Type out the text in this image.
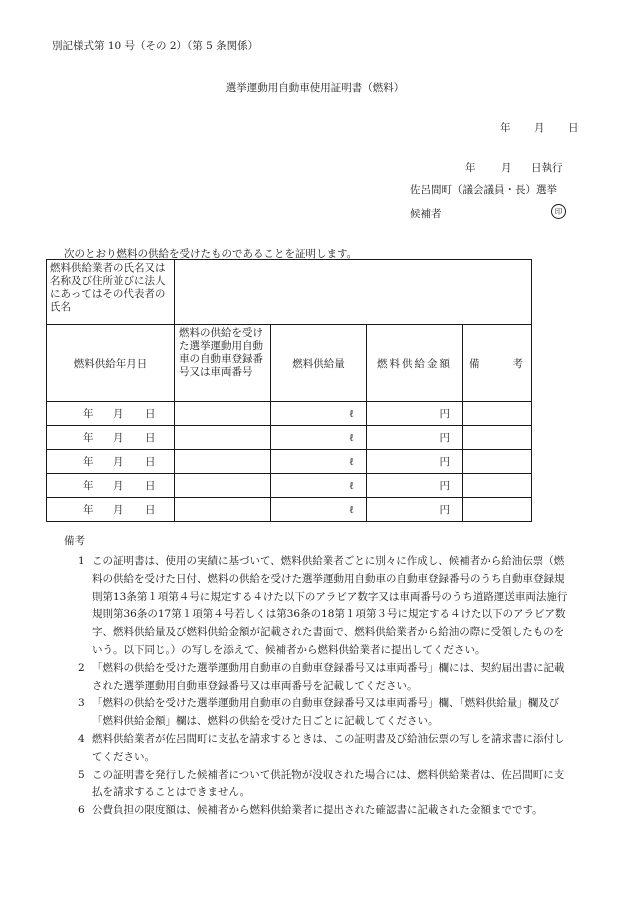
別記様式第 10 号（その 2）（第 5 条関係）
選挙運動用自動車使用証明書（燃料）
年	月	日
年	月	日執行
佐呂間町（議会議員・長）選挙
候補者	印
次のとおり燃料の供給を受けたものであることを証明します。
燃料供給業者の氏名又は名称及び住所並びに法人にあってはその代表者の氏名				
燃料供給年月日	燃料の供給を受けた選挙運動用自動車の自動車登録番号又は車両番号	燃料供給量	燃料供給金額	備 考

年 月 日		ℓ	円	
年 月 日		ℓ	円	
年 月 日		ℓ	円	
年 月 日		ℓ	円	
年 月 日		ℓ	円	
備考
1 この証明書は、使用の実績に基づいて、燃料供給業者ごとに別々に作成し、候補者から給油伝票（燃料の供給を受けた日付、燃料の供給を受けた選挙運動用自動車の自動車登録番号のうち自動車登録規則第13条第１項第４号に規定する４けた以下のアラビア数字又は車両番号のうち道路運送車両法施行規則第36条の17第１項第４号若しくは第36条の18第１項第３号に規定する４けた以下のアラビア数字、燃料供給量及び燃料供給金額が記載された書面で、燃料供給業者から給油の際に受領したものをいう。以下同じ。）の写しを添えて、候補者から燃料供給業者に提出してください。
2 「燃料の供給を受けた選挙運動用自動車の自動車登録番号又は車両番号」欄には、契約届出書に記載された選挙運動用自動車登録番号又は車両番号を記載してください。
3 「燃料の供給を受けた選挙運動用自動車の自動車登録番号又は車両番号」欄、「燃料供給量」欄及び「燃料供給金額」欄は、燃料の供給を受けた日ごとに記載してください。
4 燃料供給業者が佐呂間町に支払を請求するときは、この証明書及び給油伝票の写しを請求書に添付してください。
5 この証明書を発行した候補者について供託物が没収された場合には、燃料供給業者は、佐呂間町に支払を請求することはできません。
6 公費負担の限度額は、候補者から燃料供給業者に提出された確認書に記載された金額までです。
